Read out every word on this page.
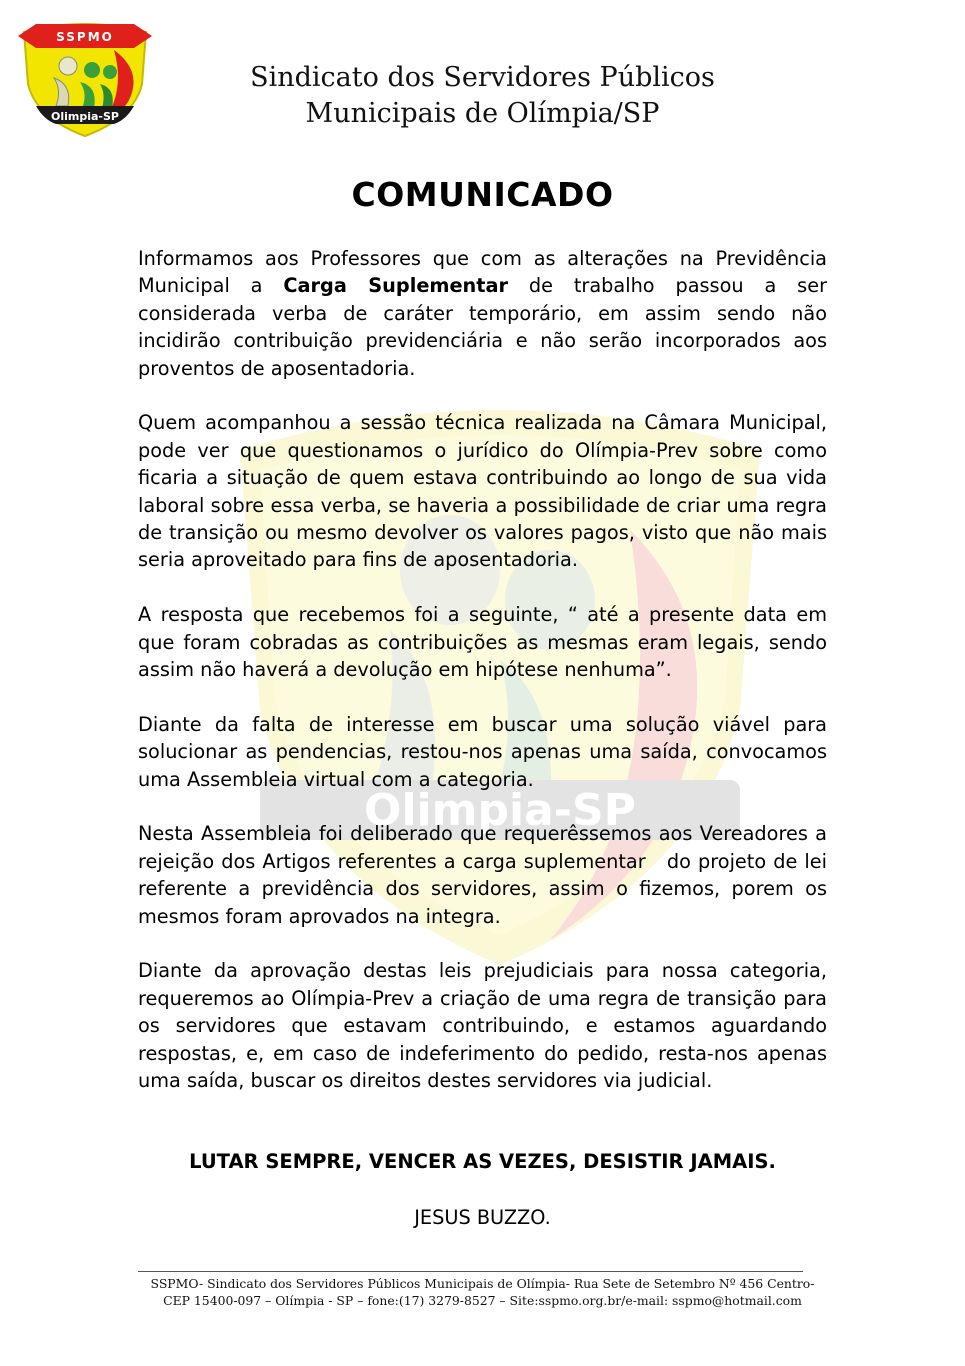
Olimpia-SP
SSPMO
Olimpia-SP
Sindicato dos Servidores Públicos
Municipais de Olímpia/SP
COMUNICADO

Informamos aos Professores que com as alterações na Previdência Municipal a Carga Suplementar de trabalho passou a ser considerada verba de caráter temporário, em assim sendo não incidirão contribuição previdenciária e não serão incorporados aos proventos de aposentadoria.

Quem acompanhou a sessão técnica realizada na Câmara Municipal, pode ver que questionamos o jurídico do Olímpia-Prev sobre como ficaria a situação de quem estava contribuindo ao longo de sua vida laboral sobre essa verba, se haveria a possibilidade de criar uma regra de transição ou mesmo devolver os valores pagos, visto que não mais seria aproveitado para fins de aposentadoria.

A resposta que recebemos foi a seguinte, “ até a presente data em que foram cobradas as contribuições as mesmas eram legais, sendo assim não haverá a devolução em hipótese nenhuma”.

Diante da falta de interesse em buscar uma solução viável para solucionar as pendencias, restou-nos apenas uma saída, convocamos uma Assembleia virtual com a categoria.

Nesta Assembleia foi deliberado que requerêssemos aos Vereadores a rejeição dos Artigos referentes a carga suplementar   do projeto de lei referente a previdência dos servidores, assim o fizemos, porem os mesmos foram aprovados na integra.

Diante da aprovação destas leis prejudiciais para nossa categoria, requeremos ao Olímpia-Prev a criação de uma regra de transição para os servidores que estavam contribuindo, e estamos aguardando respostas, e, em caso de indeferimento do pedido, resta-nos apenas uma saída, buscar os direitos destes servidores via judicial.

LUTAR SEMPRE, VENCER AS VEZES, DESISTIR JAMAIS.
JESUS BUZZO.
SSPMO- Sindicato dos Servidores Públicos Municipais de Olímpia- Rua Sete de Setembro Nº 456 Centro-
CEP 15400-097 – Olímpia - SP – fone:(17) 3279-8527 – Site:sspmo.org.br/e-mail: sspmo@hotmail.com
